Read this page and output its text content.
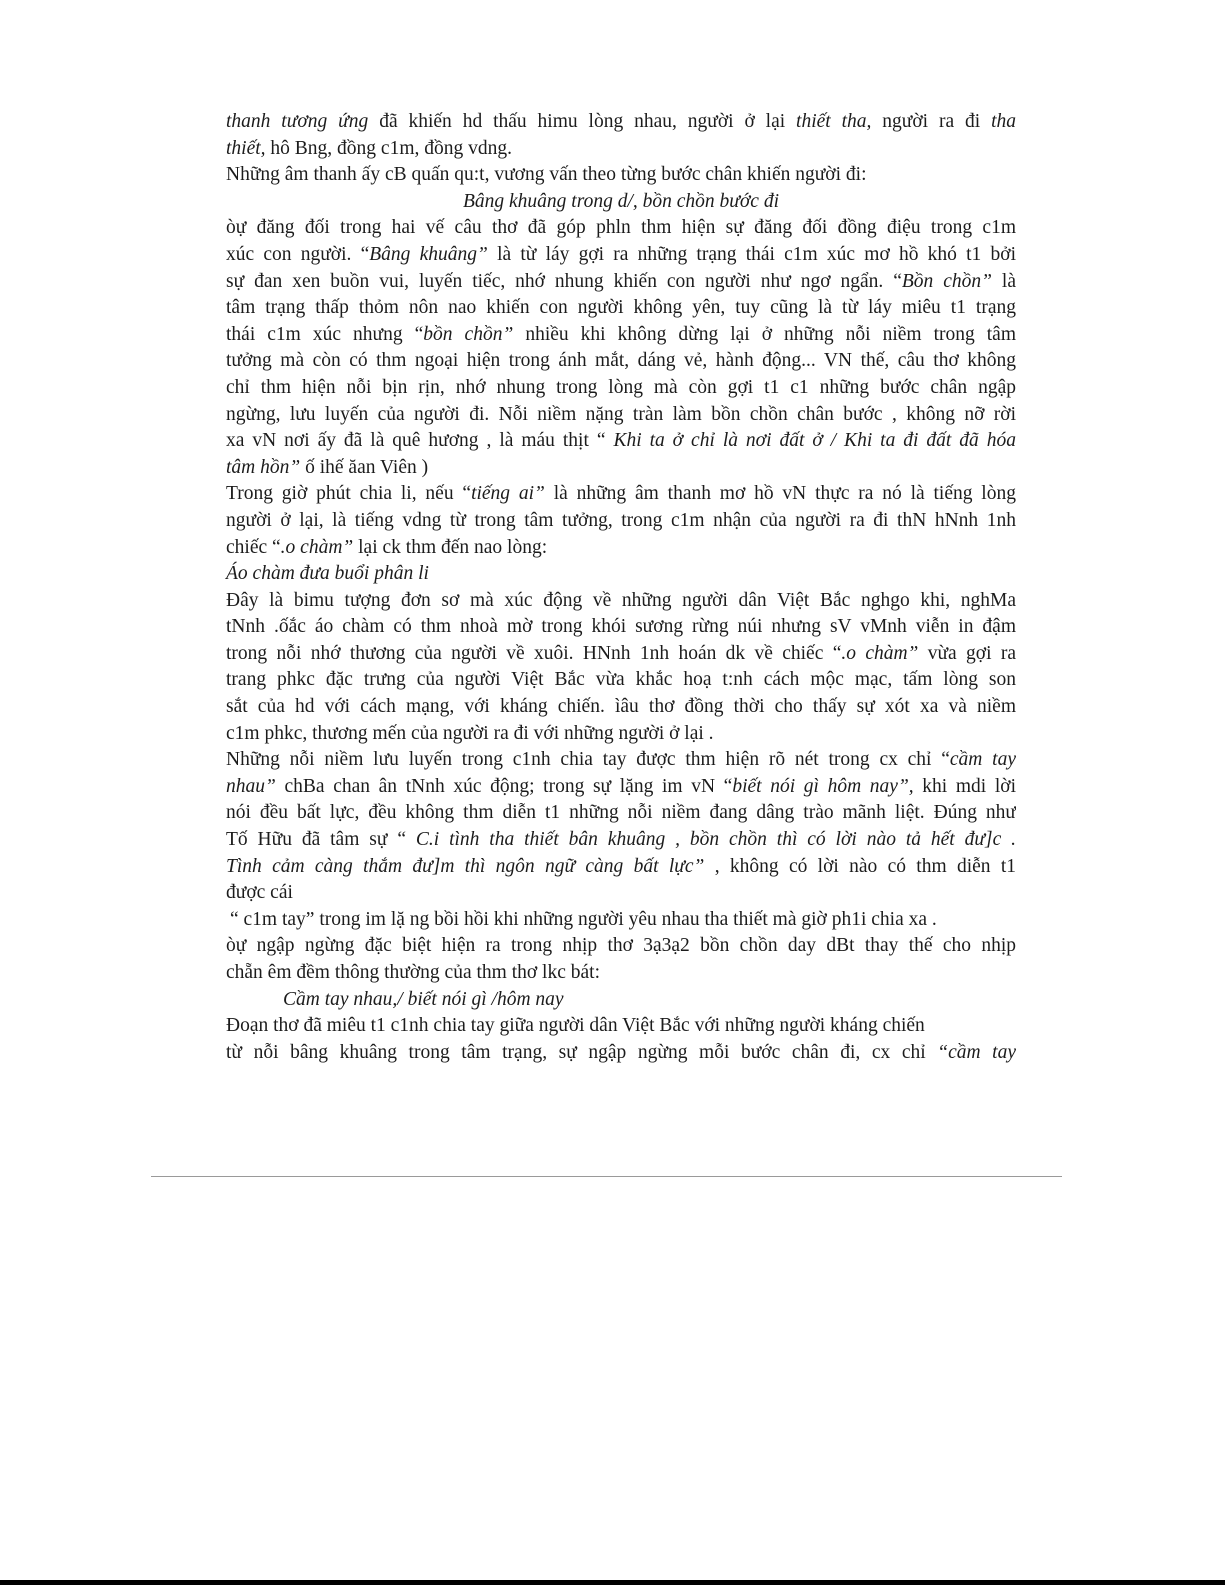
thanh tương ứng đã khiến hd thấu himu lòng nhau, người ở lại thiết tha, người ra đi tha
thiết, hô Bng, đồng c1m, đồng vdng.
Những âm thanh ấy cB quấn qu:t, vương vấn theo từng bước chân khiến người đi:
Bâng khuâng trong d/, bồn chồn bước đi
òự đăng đối trong hai vế câu thơ đã góp phln thm hiện sự đăng đối đồng điệu trong c1m
xúc con người. “Bâng khuâng” là từ láy gợi ra những trạng thái c1m xúc mơ hồ khó t1 bởi
sự đan xen buồn vui, luyến tiếc, nhớ nhung khiến con người như ngơ ngẩn. “Bồn chồn” là
tâm trạng thấp thỏm nôn nao khiến con người không yên, tuy cũng là từ láy miêu t1 trạng
thái c1m xúc nhưng “bồn chồn” nhiều khi không dừng lại ở những nỗi niềm trong tâm
tưởng mà còn có thm ngoại hiện trong ánh mắt, dáng vẻ, hành động... VN thế, câu thơ không
chỉ thm hiện nỗi bịn rịn, nhớ nhung trong lòng mà còn gợi t1 c1 những bước chân ngập
ngừng, lưu luyến của người đi. Nỗi niềm nặng tràn làm bồn chồn chân bước , không nỡ rời
xa vN nơi ấy đã là quê hương , là máu thịt “ Khi ta ở chỉ là nơi đất ở / Khi ta đi đất đã hóa
tâm hồn” ố ihế ăan Viên )
Trong giờ phút chia li, nếu “tiếng ai” là những âm thanh mơ hồ vN thực ra nó là tiếng lòng
người ở lại, là tiếng vdng từ trong tâm tưởng, trong c1m nhận của người ra đi thN hNnh 1nh
chiếc “.o chàm” lại ck thm đến nao lòng:
Áo chàm đưa buổi phân li
Đây là bimu tượng đơn sơ mà xúc động về những người dân Việt Bắc nghgo khi, nghMa
tNnh .ốắc áo chàm có thm nhoà mờ trong khói sương rừng núi nhưng sV vMnh viễn in đậm
trong nỗi nhớ thương của người về xuôi. HNnh 1nh hoán dk về chiếc “.o chàm” vừa gợi ra
trang phkc đặc trưng của người Việt Bắc vừa khắc hoạ t:nh cách mộc mạc, tấm lòng son
sắt của hd với cách mạng, với kháng chiến. ìâu thơ đồng thời cho thấy sự xót xa và niềm
c1m phkc, thương mến của người ra đi với những người ở lại .
Những nỗi niềm lưu luyến trong c1nh chia tay được thm hiện rõ nét trong cx chỉ “cầm tay
nhau” chBa chan ân tNnh xúc động; trong sự lặng im vN “biết nói gì hôm nay”, khi mdi lời
nói đều bất lực, đều không thm diễn t1 những nỗi niềm đang dâng trào mãnh liệt. Đúng như
Tố Hữu đã tâm sự “ C.i tình tha thiết bân khuâng , bồn chồn thì có lời nào tả hết đư]c .
Tình cảm càng thắm đư]m thì ngôn ngữ càng bất lực” , không có lời nào có thm diễn t1
được cái
“ c1m tay” trong im lặ ng bồi hồi khi những người yêu nhau tha thiết mà giờ ph1i chia xa .
òự ngập ngừng đặc biệt hiện ra trong nhịp thơ 3ạ3ạ2 bồn chồn day dBt thay thế cho nhịp
chẵn êm đềm thông thường của thm thơ lkc bát:
Cầm tay nhau,/ biết nói gì /hôm nay
Đoạn thơ đã miêu t1 c1nh chia tay giữa người dân Việt Bắc với những người kháng chiến
từ nỗi bâng khuâng trong tâm trạng, sự ngập ngừng mỗi bước chân đi, cx chỉ “cầm tay
